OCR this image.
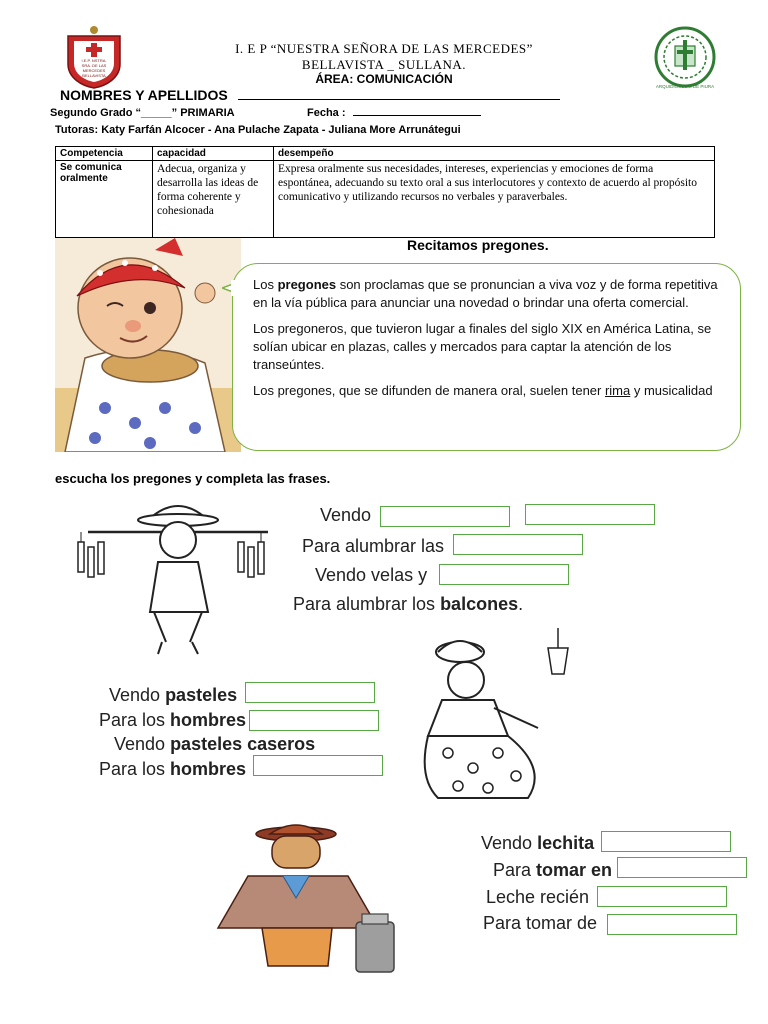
I.E.P. NSTRA. SRA. DE LAS MERCEDES BELLAVISTA
ARQUIDIÓCESIS DE PIURA
I. E P “NUESTRA SEÑORA DE LAS MERCEDES”
BELLAVISTA _ SULLANA.
ÁREA: COMUNICACIÓN
NOMBRES Y APELLIDOS
Segundo Grado “_____” PRIMARIA	Fecha :
Tutoras: Katy Farfán Alcocer - Ana Pulache Zapata - Juliana More Arrunátegui
Competencia	capacidad	desempeño
Se comunica oralmente	Adecua, organiza y desarrolla las ideas de forma coherente y cohesionada	Expresa oralmente sus necesidades, intereses, experiencias y emociones de forma espontánea, adecuando su texto oral a sus interlocutores y contexto de acuerdo al propósito comunicativo y utilizando recursos no verbales y paraverbales.
Recitamos pregones.

Los pregones son proclamas que se pronuncian a viva voz y de forma repetitiva en la vía pública para anunciar una novedad o brindar una oferta comercial.

Los pregoneros, que tuvieron lugar a finales del siglo XIX en América Latina, se solían ubicar en plazas, calles y mercados para captar la atención de los transeúntes.

Los pregones, que se difunden de manera oral, suelen tener rima y musicalidad

escucha los pregones y completa las frases.
Vendo
Para alumbrar las
Vendo velas y
Para alumbrar los balcones.
Vendo pasteles
Para los hombres
Vendo pasteles caseros
Para los hombres
Vendo lechita
Para tomar en
Leche recién
Para tomar de
